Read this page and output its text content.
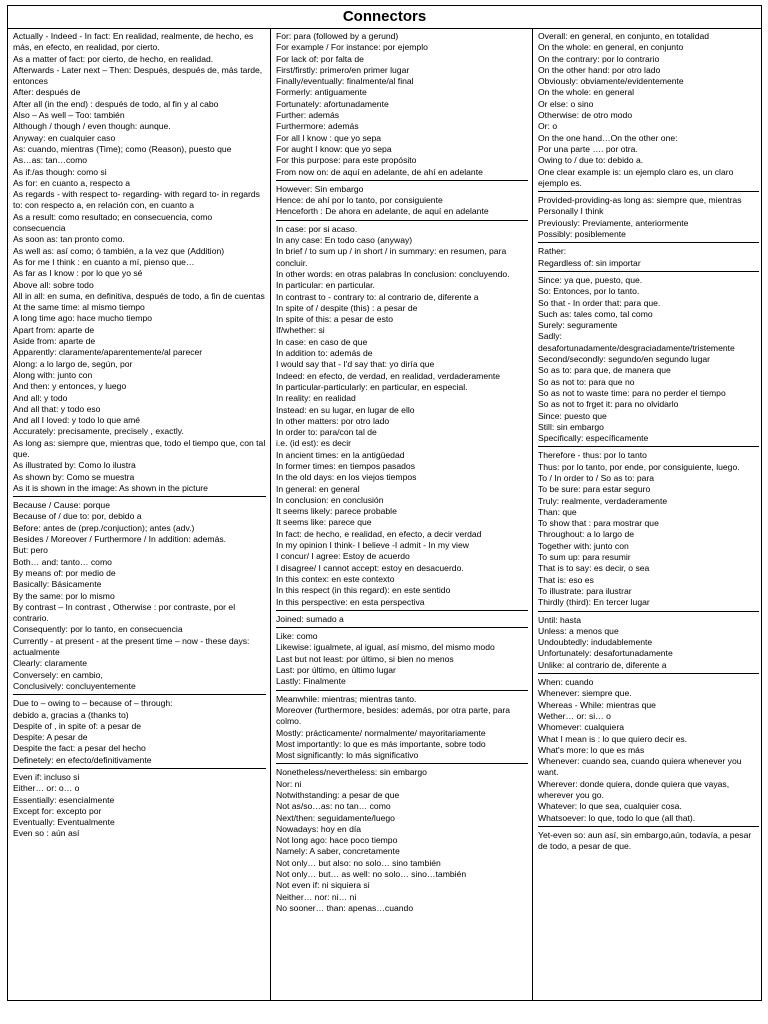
Connectors
Actually - Indeed - In fact: En realidad, realmente, de hecho, es más, en efecto, en realidad, por cierto.
As a matter of fact: por cierto, de hecho, en realidad.
Afterwards - Later next – Then: Después, después de, más tarde, entonces
After: después de
After all (in the end) : después de todo, al fin y al cabo
Also – As well – Too: también
Although / though / even though: aunque.
Anyway: en cualquier caso
As: cuando, mientras (Time); como (Reason), puesto que
As…as: tan…como
As if:/as though: como si
As for: en cuanto a, respecto a
As regards - with respect to- regarding- with regard to- in regards to: con respecto a, en relación con, en cuanto a
As a result: como resultado; en consecuencia, como consecuencia
As soon as: tan pronto como.
As well as: así como; ó también, a la vez que (Addition)
As for me I think : en cuanto a mí, pienso que…
As far as I know : por lo que yo sé
Above all: sobre todo
All in all: en suma, en definitiva, después de todo, a fin de cuentas
At the same time: al mismo tiempo
A long time ago: hace mucho tiempo
Apart from: aparte de
Aside from: aparte de
Apparently: claramente/aparentemente/al parecer
Along: a lo largo de, según, por
Along with: junto con
And then: y entonces, y luego
And all: y todo
And all that: y todo eso
And all I loved: y todo lo que amé
Accurately: precisamente, precisely , exactly.
As long as: siempre que, mientras que, todo el tiempo que, con tal que.
As illustrated by: Como lo ilustra
As shown by: Como se muestra
As it is shown in the image: As shown in the picture
Because / Cause: porque
Because of / due to: por, debido a
Before: antes de (prep./conjuction); antes (adv.)
Besides / Moreover / Furthermore / In addition: además.
But: pero
Both… and: tanto… como
By means of: por medio de
Basically: Básicamente
By the same: por lo mismo
By contrast – In contrast , Otherwise : por contraste, por el contrario.
Consequently: por lo tanto, en consecuencia
Currently - at present - at the present time – now - these days: actualmente
Clearly: claramente
Conversely: en cambio,
Conclusively: concluyentemente
Due to – owing to – because of – through:
debido a, gracias a (thanks to)
Despite of , in spite of: a pesar de
Despite: A pesar de
Despite the fact: a pesar del hecho
Definetely: en efecto/definitivamente
Even if: incluso si
Either… or: o… o
Essentially: esencialmente
Except for: excepto por
Eventually: Eventualmente
Even so : aún así
For: para (followed by a gerund)
For example / For instance: por ejemplo
For lack of: por falta de
First/firstly: primero/en primer lugar
Finally/eventually: finalmente/al final
Formerly: antiguamente
Fortunately: afortunadamente
Further: además
Furthermore: además
For all I know : que yo sepa
For aught I know: que yo sepa
For this purpose: para este propósito
From now on: de aquí en adelante, de ahí en adelante
However: Sin embargo
Hence: de ahí por lo tanto, por consiguiente
Henceforth : De ahora en adelante, de aquí en adelante
In case: por si acaso.
In any case: En todo caso (anyway)
In brief / to sum up / in short / in summary: en resumen, para concluir.
In other words: en otras palabras In conclusion: concluyendo.
In particular: en particular.
In contrast to - contrary to: al contrario de, diferente a
In spite of / despite (this) : a pesar de
In spite of this: a pesar de esto
If/whether: si
In case: en caso de que
In addition to: además de
I would say that - I'd say that: yo diría que
Indeed: en efecto, de verdad, en realidad, verdaderamente
In particular-particularly: en particular, en especial.
In reality: en realidad
Instead: en su lugar, en lugar de ello
In other matters: por otro lado
In order to: para/con tal de
i.e. (id est): es decir
In ancient times: en la antigüedad
In former times: en tiempos pasados
In the old days: en los viejos tiempos
In general: en general
In conclusion: en conclusión
It seems likely: parece probable
It seems like: parece que
In fact: de hecho, e realidad, en efecto, a decir verdad
In my opinion I think- I believe -I admit - In my view
I concur/ I agree: Estoy de acuerdo
I disagree/ I cannot accept: estoy en desacuerdo.
In this contex: en este contexto
In this respect (in this regard): en este sentido
In this perspective: en esta perspectiva
Joined: sumado a
Like: como
Likewise: igualmete, al igual, así mismo, del mismo modo
Last but not least: por último, si bien no menos
Last: por último, en último lugar
Lastly: Finalmente
Meanwhile: mientras; mientras tanto.
Moreover (furthermore, besides: además, por otra parte, para colmo.
Mostly: prácticamente/ normalmente/ mayoritariamente
Most importantly: lo que es más importante, sobre todo
Most significantly: lo más significativo
Nonetheless/nevertheless: sin embargo
Nor: ni
Notwithstanding: a pesar de que
Not as/so…as: no tan… como
Next/then: seguidamente/luego
Nowadays: hoy en día
Not long ago: hace poco tiempo
Namely: A saber, concretamente
Not only… but also: no solo… sino también
Not only… but… as well: no solo… sino…también
Not even if: ni siquiera si
Neither… nor: ni… ni
No sooner… than: apenas…cuando
Overall: en general, en conjunto, en totalidad
On the whole: en general, en conjunto
On the contrary: por lo contrario
On the other hand: por otro lado
Obviously: obviamente/evidentemente
On the whole: en general
Or else: o sino
Otherwise: de otro modo
Or: o
On the one hand…On the other one:
Por una parte …. por otra.
Owing to / due to: debido a.
One clear example is: un ejemplo claro es, un claro ejemplo es.
Provided-providing-as long as: siempre que, mientras
Personally I think
Previously: Previamente, anteriormente
Possibly: posiblemente
Rather:
Regardless of: sin importar
Since: ya que, puesto, que.
So: Entonces, por lo tanto.
So that - In order that: para que.
Such as: tales como, tal como
Surely: seguramente
Sadly: desafortunadamente/desgraciadamente/tristemente
Second/secondly: segundo/en segundo lugar
So as to: para que, de manera que
So as not to: para que no
So as not to waste time: para no perder el tiempo
So as not to frget it: para no olvidarlo
Since: puesto que
Still: sin embargo
Specifically: específicamente
Therefore - thus: por lo tanto
Thus: por lo tanto, por ende, por consiguiente, luego.
To / In order to / So as to: para
To be sure: para estar seguro
Truly: realmente, verdaderamente
Than: que
To show that : para mostrar que
Throughout: a lo largo de
Together with: junto con
To sum up: para resumir
That is to say: es decir, o sea
That is: eso es
To illustrate: para ilustrar
Thirdly (third): En tercer lugar
Until: hasta
Unless: a menos que
Undoubtedly: indudablemente
Unfortunately: desafortunadamente
Unlike: al contrario de, diferente a
When: cuando
Whenever: siempre que.
Whereas - While: mientras que
Wether… or: si… o
Whomever: cualquiera
What I mean is : lo que quiero decir es.
What's more: lo que es más
Whenever: cuando sea, cuando quiera whenever you want.
Wherever: donde quiera, donde quiera que vayas, wherever you go.
Whatever: lo que sea, cualquier cosa.
Whatsoever: lo que, todo lo que (all that).
Yet-even so: aun así, sin embargo,aún, todavía, a pesar de todo, a pesar de que.
